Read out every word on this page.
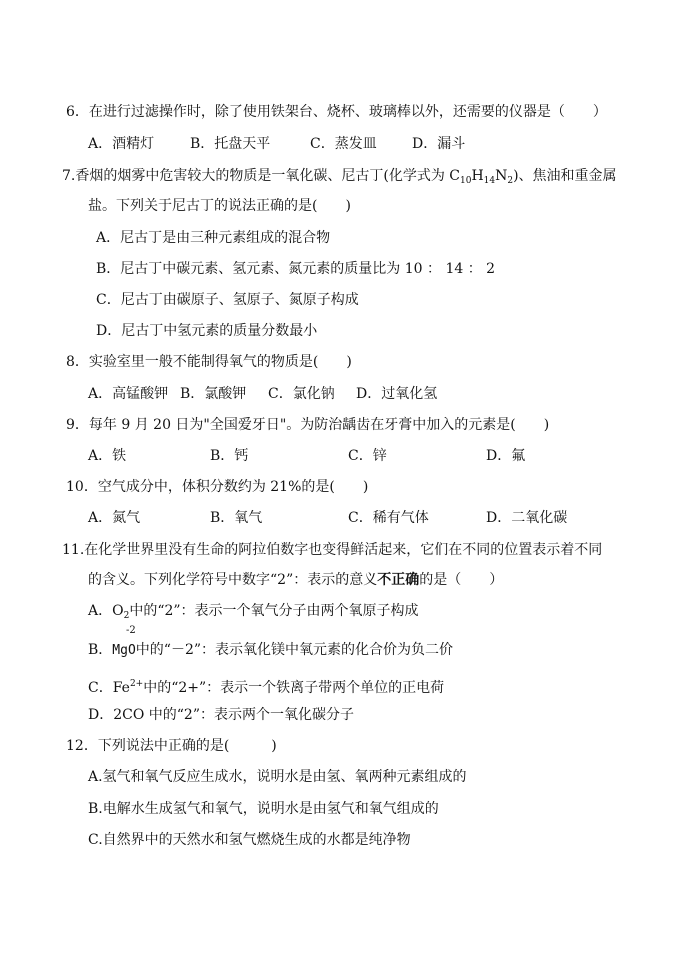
6．在进行过滤操作时，除了使用铁架台、烧杯、玻璃棒以外，还需要的仪器是（　　）
A．酒精灯	B．托盘天平	C．蒸发皿	D．漏斗
7.香烟的烟雾中危害较大的物质是一氧化碳、尼古丁(化学式为 $C_{10}H_{14}N_2$)、焦油和重金属
盐。下列关于尼古丁的说法正确的是(　　)
A．尼古丁是由三种元素组成的混合物
B．尼古丁中碳元素、氢元素、氮元素的质量比为 10 ： 14 ： 2
C．尼古丁由碳原子、氢原子、氮原子构成
D．尼古丁中氢元素的质量分数最小
8．实验室里一般不能制得氧气的物质是(　　)
A．高锰酸钾 B．氯酸钾 C．氯化钠 D．过氧化氢
9．每年 9 月 20 日为"全国爱牙日"。为防治龋齿在牙膏中加入的元素是(　　)
A．铁	B．钙	C．锌	D．氟
10．空气成分中，体积分数约为 21%的是(　　)
A．氮气	B．氧气	C．稀有气体	D．二氧化碳
11.在化学世界里没有生命的阿拉伯数字也变得鲜活起来，它们在不同的位置表示着不同
的含义。下列化学符号中数字“2”：表示的意义不正确的是（　　）
A．$O_2$中的“2”：表示一个氧气分子由两个氧原子构成
B．Mg
-2
O中的“－2”：表示氧化镁中氧元素的化合价为负二价
C．$Fe^{2+}$中的“2+”：表示一个铁离子带两个单位的正电荷
D．2CO 中的“2”：表示两个一氧化碳分子
12．下列说法中正确的是(　　　)
A.氢气和氧气反应生成水，说明水是由氢、氧两种元素组成的
B.电解水生成氢气和氧气，说明水是由氢气和氧气组成的
C.自然界中的天然水和氢气燃烧生成的水都是纯净物
